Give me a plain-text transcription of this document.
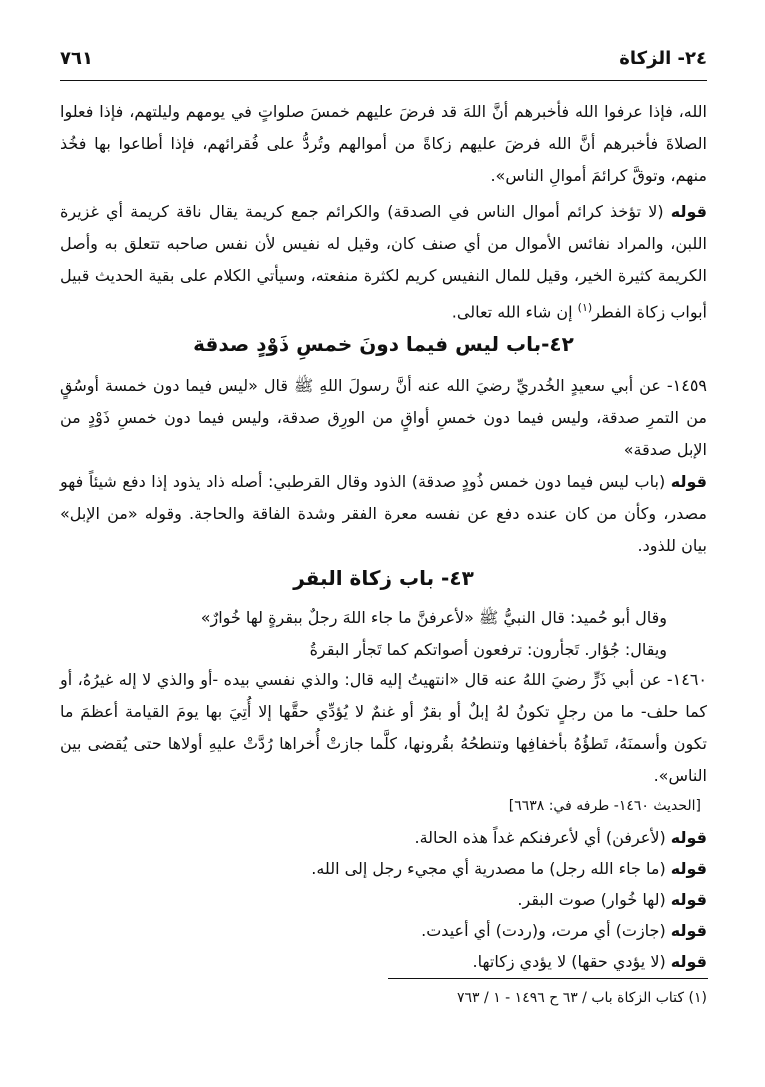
٢٤- الزكاة
٧٦١

الله، فإذا عرفوا الله فأخبرهم أنَّ اللهَ قد فرضَ عليهم خمسَ صلواتٍ في يومهم وليلتهم، فإذا فعلوا الصلاةَ فأخبرهم أنَّ الله فرضَ عليهم زكاةً من أموالهم وتُردُّ على فُقرائهم، فإذا أطاعوا بها فخُذ منهم، وتوقَّ كرائمَ أموالِ الناس».

قوله (لا تؤخذ كرائم أموال الناس في الصدقة) والكرائم جمع كريمة يقال ناقة كريمة أي غزيرة اللبن، والمراد نفائس الأموال من أي صنف كان، وقيل له نفيس لأن نفس صاحبه تتعلق به وأصل الكريمة كثيرة الخير، وقيل للمال النفيس كريم لكثرة منفعته، وسيأتي الكلام على بقية الحديث قبيل أبواب زكاة الفطر$^{(١)}$ إن شاء الله تعالى.

٤٢-باب ليس فيما دونَ خمسِ ذَوْدٍ صدقة

١٤٥٩- عن أبي سعيدٍ الخُدريِّ رضيَ الله عنه أنَّ رسولَ اللهِ ﷺ قال «ليس فيما دون خمسة أوسُقٍ من التمرِ صدقة، وليس فيما دون خمسِ أواقٍ من الورِق صدقة، وليس فيما دون خمسِ ذَوْدٍ من الإبل صدقة»

قوله (باب ليس فيما دون خمس ذُودٍ صدقة) الذود وقال القرطبي: أصله ذاد يذود إذا دفع شيئاً فهو مصدر، وكأن من كان عنده دفع عن نفسه معرة الفقر وشدة الفاقة والحاجة. وقوله «من الإبل» بيان للذود.

٤٣- باب زكاة البقر

وقال أبو حُميد: قال النبيُّ ﷺ «لأعرفنَّ ما جاء اللهَ رجلٌ ببقرةٍ لها خُوارٌ»

ويقال: جُؤار. تَجأرون: ترفعون أصواتكم كما تَجأر البقرةُ

١٤٦٠- عن أبي ذَرٍّ رضيَ اللهُ عنه قال «انتهيتُ إليه قال: والذي نفسي بيده -أو والذي لا إله غيرُهُ، أو كما حلف- ما من رجلٍ تكونُ لهُ إبلٌ أو بقرٌ أو غنمٌ لا يُؤدِّي حقَّها إلا أُتِيَ بها يومَ القيامة أعظمَ ما تكون وأسمنَهُ، تَطؤُهُ بأخفافِها وتنطحُهُ بقُرونها، كلَّما جازتْ أُخراها رُدَّتْ عليهِ أولاها حتى يُقضى بين الناس».

[الحديث ١٤٦٠- طرفه في: ٦٦٣٨]

قوله (لأعرفن) أي لأعرفنكم غداً هذه الحالة.

قوله (ما جاء الله رجل) ما مصدرية أي مجيء رجل إلى الله.

قوله (لها خُوار) صوت البقر.

قوله (جازت) أي مرت، و(ردت) أي أعيدت.

قوله (لا يؤدي حقها) لا يؤدي زكاتها.

(١) كتاب الزكاة باب / ٦٣ ح ١٤٩٦ - ١ / ٧٦٣
